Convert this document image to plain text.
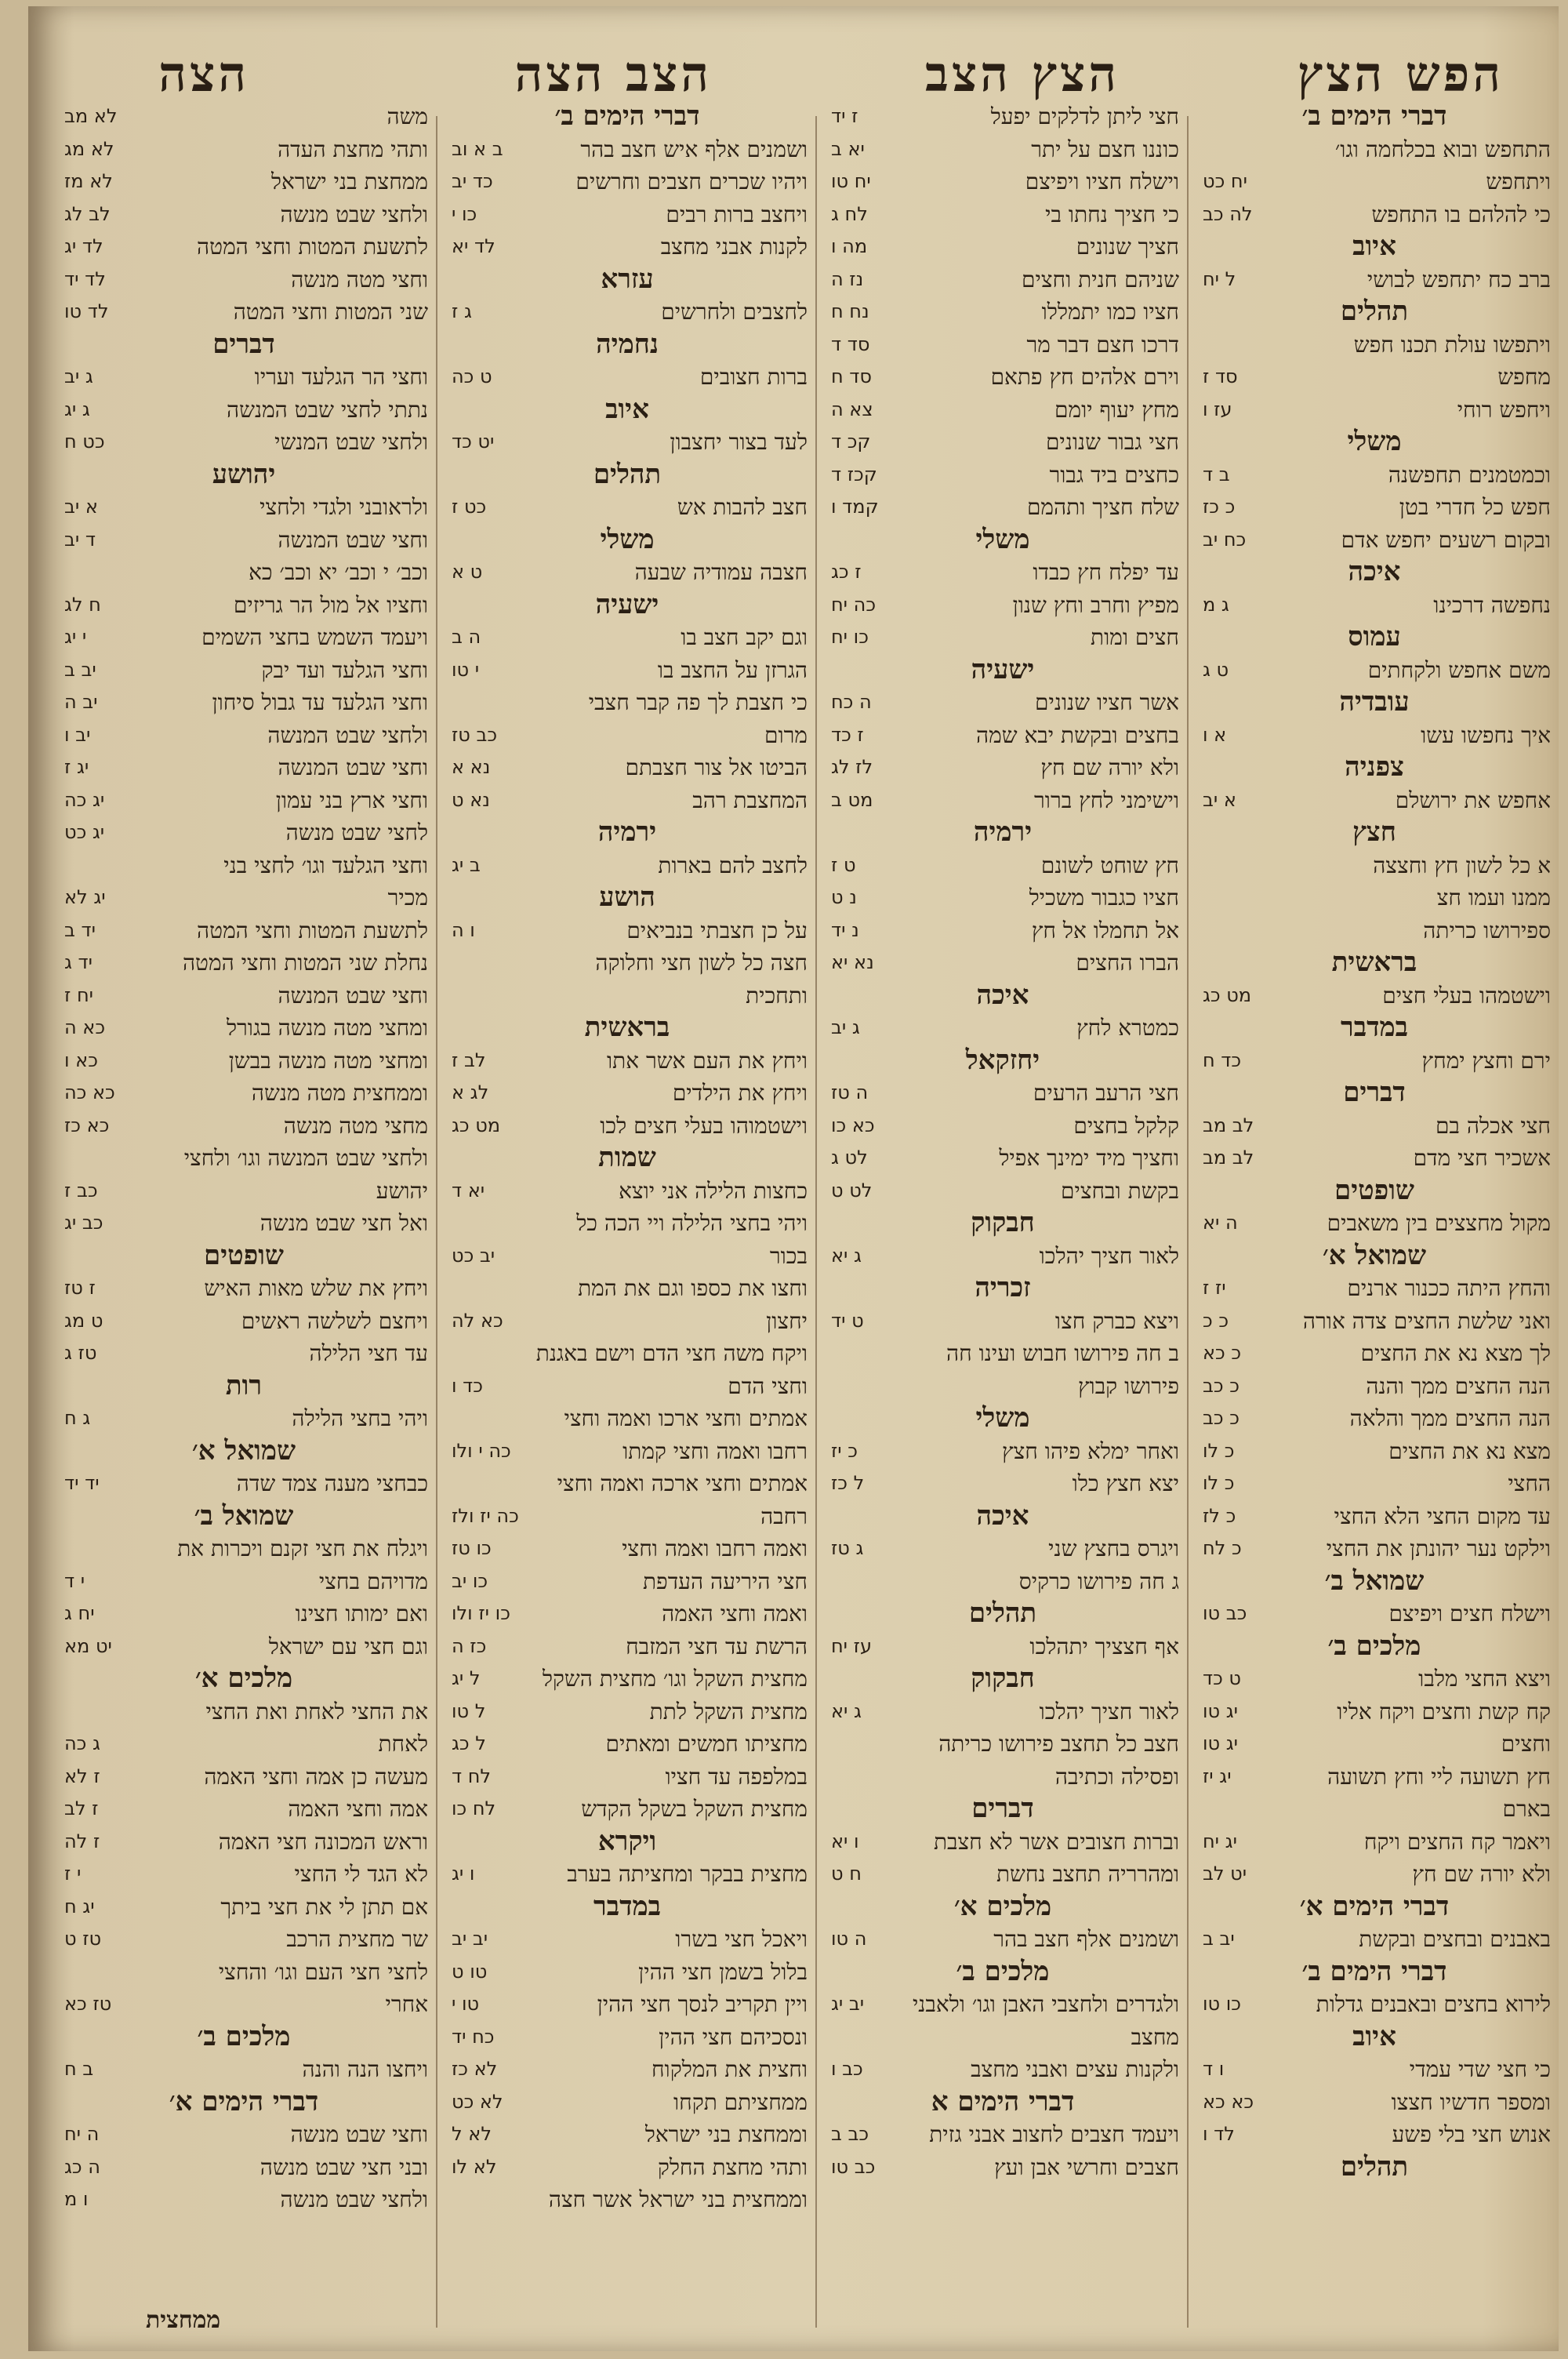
הפש הצץ
הצץ הצב
הצב הצה
הצה
דברי הימים ב׳
התחפש ובוא בכלחמה וגו׳
ויתחפש
יח כט
כי להלהם בו התחפש
לה כב
איוב
ברב כח יתחפש לבושי
ל יח
תהלים
ויתפשו עולת תכנו חפש
מחפש
סד ז
ויחפש רוחי
עז ו
משלי
וכמטמנים תחפשנה
ב ד
חפש כל חדרי בטן
כ כז
ובקום רשעים יחפש אדם
כח יב
איכה
נחפשה דרכינו
ג מ
עמוס
משם אחפש ולקחתים
ט ג
עובדיה
איך נחפשו עשו
א ו
צפניה
אחפש את ירושלם
א יב
חצץ
א כל לשון חץ וחצצה
ממנו ועמו חצ
ספירושו כריתה
בראשית
וישטמהו בעלי חצים
מט כג
במדבר
ירם וחצץ ימחץ
כד ח
דברים
חצי אכלה בם
לב מב
אשכיר חצי מדם
לב מב
שופטים
מקול מחצצים בין משאבים
ה יא
שמואל א׳
והחץ היתה ככנור ארנים
יז ז
ואני שלשת החצים צדה אורה
כ כ
לך מצא נא את החצים
כ כא
הנה החצים ממך והנה
כ כב
הנה החצים ממך והלאה
כ כב
מצא נא את החצים
כ לו
החצי
כ לו
עד מקום החצי הלא החצי
כ לז
וילקט נער יהונתן את החצי
כ לח
שמואל ב׳
וישלח חצים ויפיצם
כב טו
מלכים ב׳
ויצא החצי מלבו
ט כד
קח קשת וחצים ויקח אליו
יג טו
וחצים
יג טו
חץ תשועה ליי וחץ תשועה
יג יז
בארם
ויאמר קח החצים ויקח
יג יח
ולא יורה שם חץ
יט לב
דברי הימים א׳
באבנים ובחצים ובקשת
יב ב
דברי הימים ב׳
לירוא בחצים ובאבנים גדלות
כו טו
איוב
כי חצי שדי עמדי
ו ד
ומספר חדשיו חצצו
כא כא
אנוש חצי בלי פשע
לד ו
תהלים
חצי ליתן לדלקים יפעל
ז יד
כוננו חצם על יתר
יא ב
וישלח חציו ויפיצם
יח טו
כי חציך נחתו בי
לח ג
חציך שנונים
מה ו
שניהם חנית וחצים
נז ה
חציו כמו יתמללו
נח ח
דרכו חצם דבר מר
סד ד
וירם אלהים חץ פתאם
סד ח
מחץ יעוף יומם
צא ה
חצי גבור שנונים
קכ ד
כחצים ביד גבור
קכז ד
שלח חציך ותהמם
קמד ו
משלי
עד יפלח חץ כבדו
ז כג
מפיץ וחרב וחץ שנון
כה יח
חצים ומות
כו יח
ישעיה
אשר חציו שנונים
ה כח
בחצים ובקשת יבא שמה
ז כד
ולא יורה שם חץ
לז לג
וישימני לחץ ברור
מט ב
ירמיה
חץ שוחט לשונם
ט ז
חציו כגבור משכיל
נ ט
אל תחמלו אל חץ
נ יד
הברו החצים
נא יא
איכה
כמטרא לחץ
ג יב
יחזקאל
חצי הרעב הרעים
ה טז
קלקל בחצים
כא כו
וחציך מיד ימינך אפיל
לט ג
בקשת ובחצים
לט ט
חבקוק
לאור חציך יהלכו
ג יא
זכריה
ויצא כברק חצו
ט יד
ב חה פירושו חבוש ועינו חה
פירושו קבוץ
משלי
ואחר ימלא פיהו חצץ
כ יז
יצא חצץ כלו
ל כז
איכה
ויגרס בחצץ שני
ג טז
ג חה פירושו כרקיס
תהלים
אף חצציך יתהלכו
עז יח
חבקוק
לאור חציך יהלכו
ג יא
חצב כל תחצב פירושו כריתה
ופסילה וכתיבה
דברים
וברות חצובים אשר לא חצבת
ו יא
ומהרריה תחצב נחשת
ח ט
מלכים א׳
ושמנים אלף חצב בהר
ה טו
מלכים ב׳
ולגדרים ולחצבי האבן וגו׳ ולאבני
יב יג
מחצב
ולקנות עצים ואבני מחצב
כב ו
דברי הימים א
ויעמד חצבים לחצוב אבני גזית
כב ב
חצבים וחרשי אבן ועץ
כב טו
דברי הימים ב׳
ושמנים אלף איש חצב בהר
ב א וב
ויהיו שכרים חצבים וחרשים
כד יב
ויחצב ברות רבים
כו י
לקנות אבני מחצב
לד יא
עזרא
לחצבים ולחרשים
ג ז
נחמיה
ברות חצובים
ט כה
איוב
לעד בצור יחצבון
יט כד
תהלים
חצב להבות אש
כט ז
משלי
חצבה עמודיה שבעה
ט א
ישעיה
וגם יקב חצב בו
ה ב
הגרזן על החצב בו
י טו
כי חצבת לך פה קבר חצבי
מרום
כב טז
הביטו אל צור חצבתם
נא א
המחצבת רהב
נא ט
ירמיה
לחצב להם בארות
ב יג
הושע
על כן חצבתי בנביאים
ו ה
חצה כל לשון חצי וחלוקה
ותחכית
בראשית
ויחץ את העם אשר אתו
לב ז
ויחץ את הילדים
לג א
וישטמוהו בעלי חצים לכו
מט כג
שמות
כחצות הלילה אני יוצא
יא ד
ויהי בחצי הלילה ויי הכה כל
בכור
יב כט
וחצו את כספו וגם את המת
יחצון
כא לה
ויקח משה חצי הדם וישם באגנת
וחצי הדם
כד ו
אמתים וחצי ארכו ואמה וחצי
רחבו ואמה וחצי קמתו
כה י ולו
אמתים וחצי ארכה ואמה וחצי
רחבה
כה יז ולז
ואמה רחבו ואמה וחצי
כו טז
חצי היריעה העדפת
כו יב
ואמה וחצי האמה
כו יז ולו
הרשת עד חצי המזבח
כז ה
מחצית השקל וגו׳ מחצית השקל
ל יג
מחצית השקל לתת
ל טו
מחציתו חמשים ומאתים
ל כג
במלפפה עד חציו
לח ד
מחצית השקל בשקל הקדש
לח כו
ויקרא
מחצית בבקר ומחציתה בערב
ו יג
במדבר
ויאכל חצי בשרו
יב יב
בלול בשמן חצי ההין
טו ט
ויין תקריב לנסך חצי ההין
טו י
ונסכיהם חצי ההין
כח יד
וחצית את המלקוח
לא כז
ממחציתם תקחו
לא כט
וממחצת בני ישראל
לא ל
ותהי מחצת החלק
לא לו
וממחצית בני ישראל אשר חצה
משה
לא מב
ותהי מחצת העדה
לא מג
ממחצת בני ישראל
לא מז
ולחצי שבט מנשה
לב לג
לתשעת המטות וחצי המטה
לד יג
וחצי מטה מנשה
לד יד
שני המטות וחצי המטה
לד טו
דברים
וחצי הר הגלעד ועריו
ג יב
נתתי לחצי שבט המנשה
ג יג
ולחצי שבט המנשי
כט ח
יהושע
ולראובני ולגדי ולחצי
א יב
וחצי שבט המנשה
ד יב
וכב׳ י וכב׳ יא וכב׳ כא
וחציו אל מול הר גריזים
ח לג
ויעמד השמש בחצי השמים
י יג
וחצי הגלעד ועד יבק
יב ב
וחצי הגלעד עד גבול סיחון
יב ה
ולחצי שבט המנשה
יב ו
וחצי שבט המנשה
יג ז
וחצי ארץ בני עמון
יג כה
לחצי שבט מנשה
יג כט
וחצי הגלעד וגו׳ לחצי בני
מכיר
יג לא
לתשעת המטות וחצי המטה
יד ב
נחלת שני המטות וחצי המטה
יד ג
וחצי שבט המנשה
יח ז
ומחצי מטה מנשה בגורל
כא ה
ומחצי מטה מנשה בבשן
כא ו
וממחצית מטה מנשה
כא כה
מחצי מטה מנשה
כא כז
ולחצי שבט המנשה וגו׳ ולחצי
יהושע
כב ז
ואל חצי שבט מנשה
כב יג
שופטים
ויחץ את שלש מאות האיש
ז טז
ויחצם לשלשה ראשים
ט מג
עד חצי הלילה
טז ג
רות
ויהי בחצי הלילה
ג ח
שמואל א׳
כבחצי מענה צמד שדה
יד יד
שמואל ב׳
ויגלח את חצי זקנם ויכרות את
מדויהם בחצי
י ד
ואם ימותו חצינו
יח ג
וגם חצי עם ישראל
יט מא
מלכים א׳
את החצי לאחת ואת החצי
לאחת
ג כה
מעשה כן אמה וחצי האמה
ז לא
אמה וחצי האמה
ז לב
וראש המכונה חצי האמה
ז לה
לא הגד לי החצי
י ז
אם תתן לי את חצי ביתך
יג ח
שר מחצית הרכב
טז ט
לחצי חצי העם וגו׳ והחצי
אחרי
טז כא
מלכים ב׳
ויחצו הנה והנה
ב ח
דברי הימים א׳
וחצי שבט מנשה
ה יח
ובני חצי שבט מנשה
ה כג
ולחצי שבט מנשה
ו מ
ממחצית
